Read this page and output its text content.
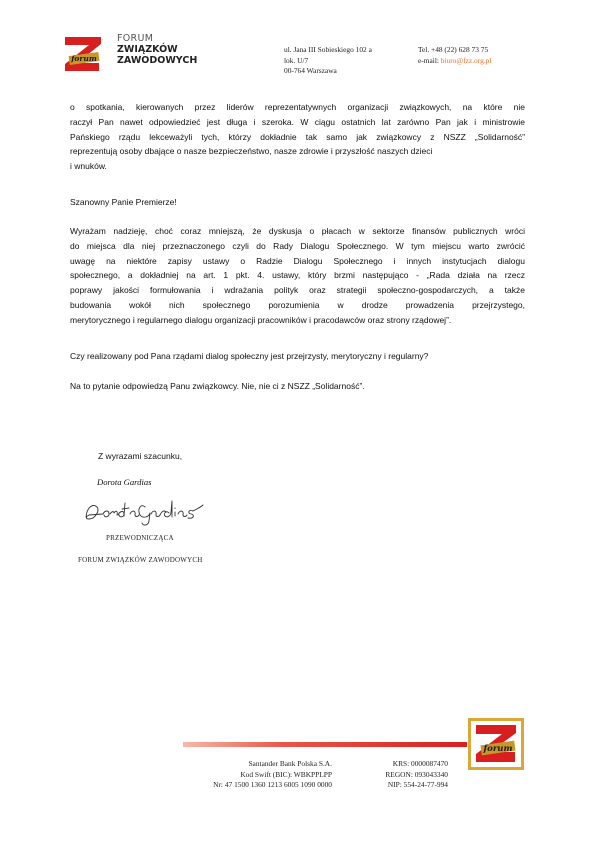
forum
FORUM
ZWIĄZKÓW
ZAWODOWYCH
ul. Jana III Sobieskiego 102 a
lok. U/7
00-764 Warszawa
Tel. +48 (22) 628 73 75
e-mail: biuro@fzz.org.pl
o spotkania, kierowanych przez liderów reprezentatywnych organizacji związkowych, na które nie
raczył Pan nawet odpowiedzieć jest długa i szeroka. W ciągu ostatnich lat zarówno Pan jak i ministrowie
Pańskiego rządu lekceważyli tych, którzy dokładnie tak samo jak związkowcy z NSZZ „Solidarność”
reprezentują osoby dbające o nasze bezpieczeństwo, nasze zdrowie i przyszłość naszych dzieci
i wnuków.
Szanowny Panie Premierze!
Wyrażam nadzieję, choć coraz mniejszą, że dyskusja o płacach w sektorze finansów publicznych wróci
do miejsca dla niej przeznaczonego czyli do Rady Dialogu Społecznego. W tym miejscu warto zwrócić
uwagę na niektóre zapisy ustawy o Radzie Dialogu Społecznego i innych instytucjach dialogu
społecznego, a dokładniej na art. 1 pkt. 4. ustawy, który brzmi następująco - „Rada działa na rzecz
poprawy jakości formułowania i wdrażania polityk oraz strategii społeczno-gospodarczych, a także
budowania wokół nich społecznego porozumienia w drodze prowadzenia przejrzystego,
merytorycznego i regularnego dialogu organizacji pracowników i pracodawców oraz strony rządowej”.
Czy realizowany pod Pana rządami dialog społeczny jest przejrzysty, merytoryczny i regularny?
Na to pytanie odpowiedzą Panu związkowcy. Nie, nie ci z NSZZ „Solidarność”.
Z wyrazami szacunku,
Dorota Gardias
PRZEWODNICZĄCA
FORUM ZWIĄZKÓW ZAWODOWYCH
forum
Santander Bank Polska S.A.
Kod Swift (BIC): WBKPPLPP
Nr: 47 1500 1360 1213 6005 1090 0000
KRS: 0000087470
REGON: 093043340
NIP: 554-24-77-994
